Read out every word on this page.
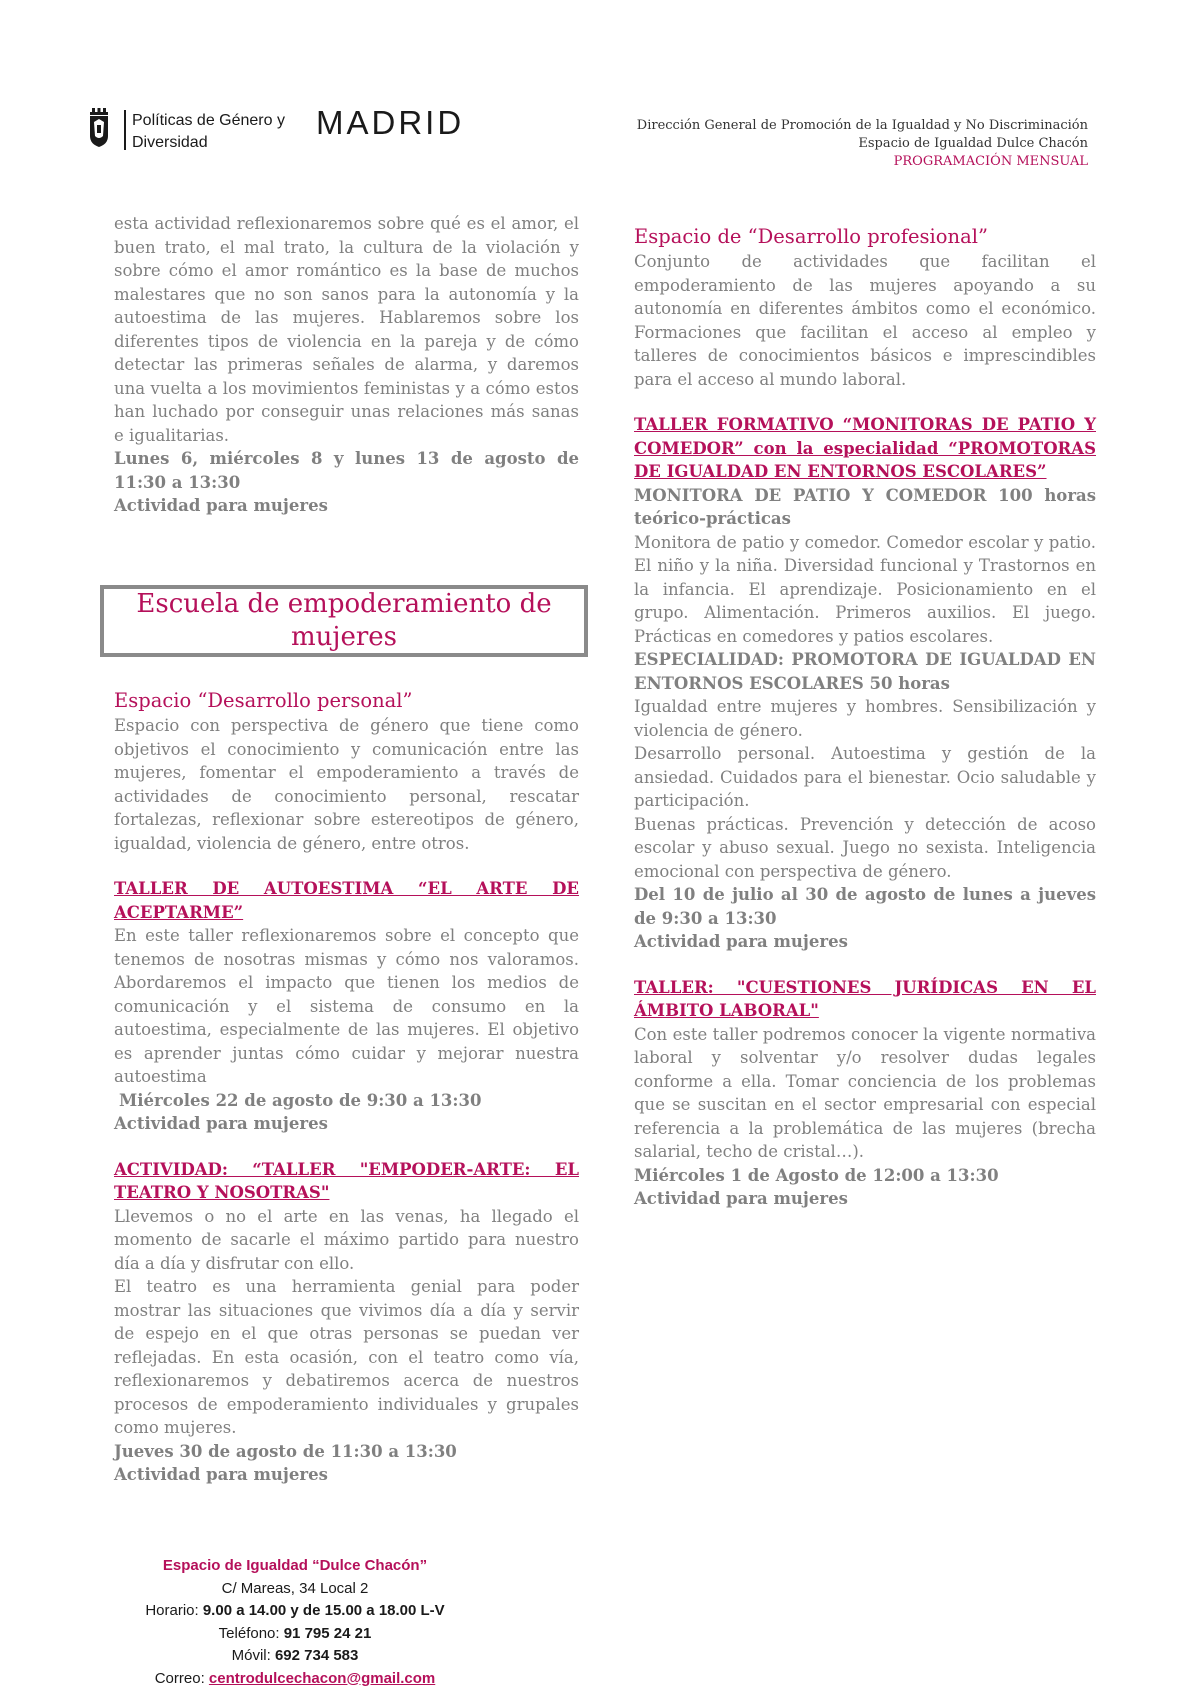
Políticas de Género y
Diversidad
MADRID	Dirección General de Promoción de la Igualdad y No Discriminación
Espacio de Igualdad Dulce Chacón
PROGRAMACIÓN MENSUAL

esta actividad reflexionaremos sobre qué es el amor, el buen trato, el mal trato, la cultura de la violación y sobre cómo el amor romántico es la base de muchos malestares que no son sanos para la autonomía y la autoestima de las mujeres. Hablaremos sobre los diferentes tipos de violencia en la pareja y de cómo detectar las primeras señales de alarma, y daremos una vuelta a los movimientos feministas y a cómo estos han luchado por conseguir unas relaciones más sanas e igualitarias.

Lunes 6, miércoles 8 y lunes 13 de agosto de 11:30 a 13:30

Actividad para mujeres

Escuela de empoderamiento de mujeres

Espacio “Desarrollo personal”

Espacio con perspectiva de género que tiene como objetivos el conocimiento y comunicación entre las mujeres, fomentar el empoderamiento a través de actividades de conocimiento personal, rescatar fortalezas, reflexionar sobre estereotipos de género, igualdad, violencia de género, entre otros.

TALLER DE AUTOESTIMA “EL ARTE DE ACEPTARME”

En este taller reflexionaremos sobre el concepto que tenemos de nosotras mismas y cómo nos valoramos. Abordaremos el impacto que tienen los medios de comunicación y el sistema de consumo en la autoestima, especialmente de las mujeres. El objetivo es aprender juntas cómo cuidar y mejorar nuestra autoestima

Miércoles 22 de agosto de 9:30 a 13:30

Actividad para mujeres

ACTIVIDAD: “TALLER "EMPODER-ARTE: EL TEATRO Y NOSOTRAS"

Llevemos o no el arte en las venas, ha llegado el momento de sacarle el máximo partido para nuestro día a día y disfrutar con ello.

El teatro es una herramienta genial para poder mostrar las situaciones que vivimos día a día y servir de espejo en el que otras personas se puedan ver reflejadas. En esta ocasión, con el teatro como vía, reflexionaremos y debatiremos acerca de nuestros procesos de empoderamiento individuales y grupales como mujeres.

Jueves 30 de agosto de 11:30 a 13:30

Actividad para mujeres

Espacio de “Desarrollo profesional”

Conjunto de actividades que facilitan el empoderamiento de las mujeres apoyando a su autonomía en diferentes ámbitos como el económico. Formaciones que facilitan el acceso al empleo y talleres de conocimientos básicos e imprescindibles para el acceso al mundo laboral.

TALLER FORMATIVO “MONITORAS DE PATIO Y COMEDOR” con la especialidad “PROMOTORAS DE IGUALDAD EN ENTORNOS ESCOLARES”

MONITORA DE PATIO Y COMEDOR 100 horas teórico-prácticas

Monitora de patio y comedor. Comedor escolar y patio. El niño y la niña. Diversidad funcional y Trastornos en la infancia. El aprendizaje. Posicionamiento en el grupo. Alimentación. Primeros auxilios. El juego. Prácticas en comedores y patios escolares.

ESPECIALIDAD: PROMOTORA DE IGUALDAD EN ENTORNOS ESCOLARES 50 horas

Igualdad entre mujeres y hombres. Sensibilización y violencia de género.

Desarrollo personal. Autoestima y gestión de la ansiedad. Cuidados para el bienestar. Ocio saludable y participación.

Buenas prácticas. Prevención y detección de acoso escolar y abuso sexual. Juego no sexista. Inteligencia emocional con perspectiva de género.

Del 10 de julio al 30 de agosto de lunes a jueves de 9:30 a 13:30

Actividad para mujeres

TALLER: "CUESTIONES JURÍDICAS EN EL ÁMBITO LABORAL"

Con este taller podremos conocer la vigente normativa laboral y solventar y/o resolver dudas legales conforme a ella. Tomar conciencia de los problemas que se suscitan en el sector empresarial con especial referencia a la problemática de las mujeres (brecha salarial, techo de cristal…).

Miércoles 1 de Agosto de 12:00 a 13:30

Actividad para mujeres

Espacio de Igualdad “Dulce Chacón”
C/ Mareas, 34 Local 2
Horario: 9.00 a 14.00 y de 15.00 a 18.00 L-V
Teléfono: 91 795 24 21
Móvil: 692 734 583
Correo: centrodulcechacon@gmail.com
